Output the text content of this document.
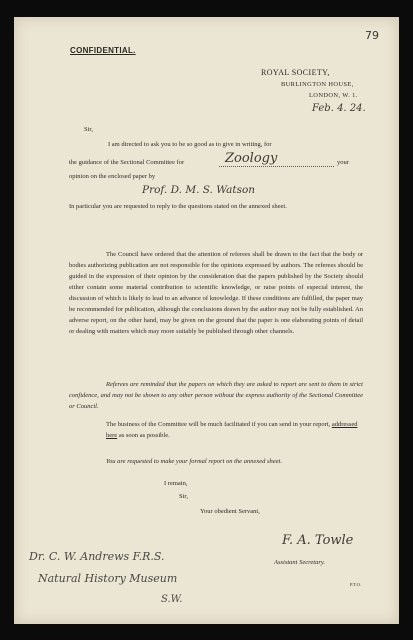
79
CONFIDENTIAL.
ROYAL SOCIETY,
BURLINGTON HOUSE,
LONDON, W. 1.
Feb. 4. 24.
Sir,
I am directed to ask you to be so good as to give in writing, for
the guidance of the Sectional Committee for	Zoology	your
opinion on the enclosed paper by
Prof. D. M. S. Watson
In particular you are requested to reply to the questions stated on the annexed sheet.
The Council have ordered that the attention of referees shall be drawn to the fact that the body or bodies authorizing publication are not responsible for the opinions expressed by authors. The referees should be guided in the expression of their opinion by the consideration that the papers published by the Society should either contain some material contribution to scientific knowledge, or raise points of especial interest, the discussion of which is likely to lead to an advance of knowledge. If these conditions are fulfilled, the paper may be recommended for publication, although the conclusions drawn by the author may not be fully established. An adverse report, on the other hand, may be given on the ground that the paper is one elaborating points of detail or dealing with matters which may more suitably be published through other channels.
Referees are reminded that the papers on which they are asked to report are sent to them in strict confidence, and may not be shown to any other person without the express authority of the Sectional Committee or Council.
The business of the Committee will be much facilitated if you can send in your report, addressed here as soon as possible.
You are requested to make your formal report on the annexed sheet.
I remain,
Sir,
Your obedient Servant,
F. A. Towle
Assistant Secretary.
Dr. C. W. Andrews F.R.S.
Natural History Museum
S.W.
P.T.O.
